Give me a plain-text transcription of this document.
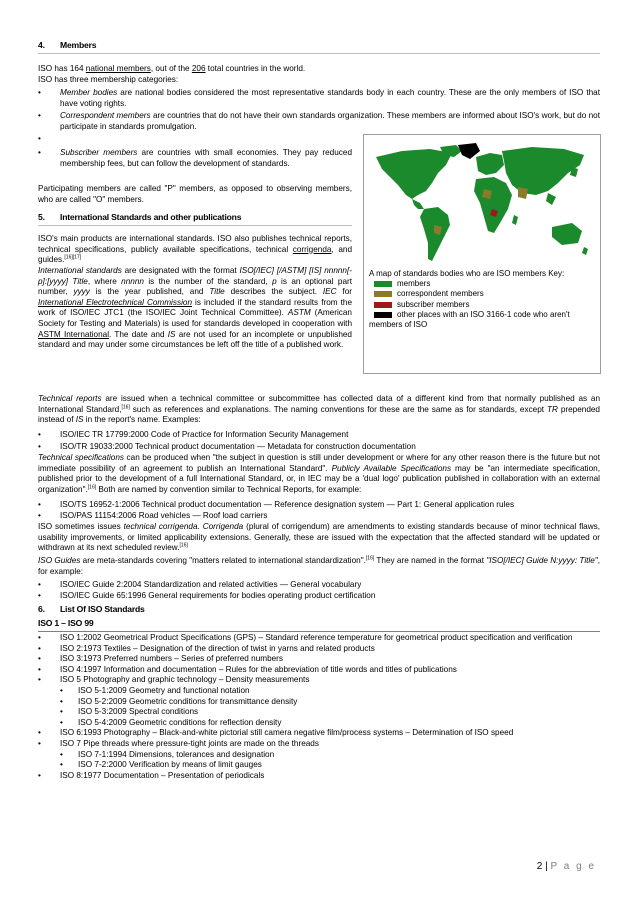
4. Members
ISO has 164 national members, out of the 206 total countries in the world.
ISO has three membership categories:
• Member bodies are national bodies considered the most representative standards body in each country. These are the only members of ISO that have voting rights.
• Correspondent members are countries that do not have their own standards organization. These members are informed about ISO's work, but do not participate in standards promulgation.
•
• Subscriber members are countries with small economies. They pay reduced membership fees, but can follow the development of standards.
Participating members are called "P" members, as opposed to observing members, who are called "O" members.
A map of standards bodies who are ISO members Key:
members
correspondent members
subscriber members
other places with an ISO 3166-1 code who aren't members of ISO
5. International Standards and other publications
ISO's main products are international standards. ISO also publishes technical reports, technical specifications, publicly available specifications, technical corrigenda, and guides.[16][17]
International standards are designated with the format ISO[/IEC] [/ASTM] [IS] nnnnn[-p]:[yyyy] Title, where nnnnn is the number of the standard, p is an optional part number, yyyy is the year published, and Title describes the subject. IEC for International Electrotechnical Commission is included if the standard results from the work of ISO/IEC JTC1 (the ISO/IEC Joint Technical Committee). ASTM (American Society for Testing and Materials) is used for standards developed in cooperation with ASTM International. The date and IS are not used for an incomplete or unpublished standard and may under some circumstances be left off the title of a published work.
Technical reports are issued when a technical committee or subcommittee has collected data of a different kind from that normally published as an International Standard,[16] such as references and explanations. The naming conventions for these are the same as for standards, except TR prepended instead of IS in the report's name. Examples:
• ISO/IEC TR 17799:2000 Code of Practice for Information Security Management
• ISO/TR 19033:2000 Technical product documentation — Metadata for construction documentation
Technical specifications can be produced when "the subject in question is still under development or where for any other reason there is the future but not immediate possibility of an agreement to publish an International Standard". Publicly Available Specifications may be "an intermediate specification, published prior to the development of a full International Standard, or, in IEC may be a 'dual logo' publication published in collaboration with an external organization".[16] Both are named by convention similar to Technical Reports, for example:
• ISO/TS 16952-1:2006 Technical product documentation — Reference designation system — Part 1: General application rules
• ISO/PAS 11154:2006 Road vehicles — Roof load carriers
ISO sometimes issues technical corrigenda. Corrigenda (plural of corrigendum) are amendments to existing standards because of minor technical flaws, usability improvements, or limited applicability extensions. Generally, these are issued with the expectation that the affected standard will be updated or withdrawn at its next scheduled review.[16]
ISO Guides are meta-standards covering "matters related to international standardization".[16] They are named in the format "ISO[/IEC] Guide N:yyyy: Title", for example:
• ISO/IEC Guide 2:2004 Standardization and related activities — General vocabulary
• ISO/IEC Guide 65:1996 General requirements for bodies operating product certification
6. List Of ISO Standards
ISO 1 – ISO 99
• ISO 1:2002 Geometrical Product Specifications (GPS) – Standard reference temperature for geometrical product specification and verification
• ISO 2:1973 Textiles – Designation of the direction of twist in yarns and related products
• ISO 3:1973 Preferred numbers – Series of preferred numbers
• ISO 4:1997 Information and documentation – Rules for the abbreviation of title words and titles of publications
• ISO 5 Photography and graphic technology – Density measurements
• ISO 5-1:2009 Geometry and functional notation
• ISO 5-2:2009 Geometric conditions for transmittance density
• ISO 5-3:2009 Spectral conditions
• ISO 5-4:2009 Geometric conditions for reflection density
• ISO 6:1993 Photography – Black-and-white pictorial still camera negative film/process systems – Determination of ISO speed
• ISO 7 Pipe threads where pressure-tight joints are made on the threads
• ISO 7-1:1994 Dimensions, tolerances and designation
• ISO 7-2:2000 Verification by means of limit gauges
• ISO 8:1977 Documentation – Presentation of periodicals
2 | P a g e
